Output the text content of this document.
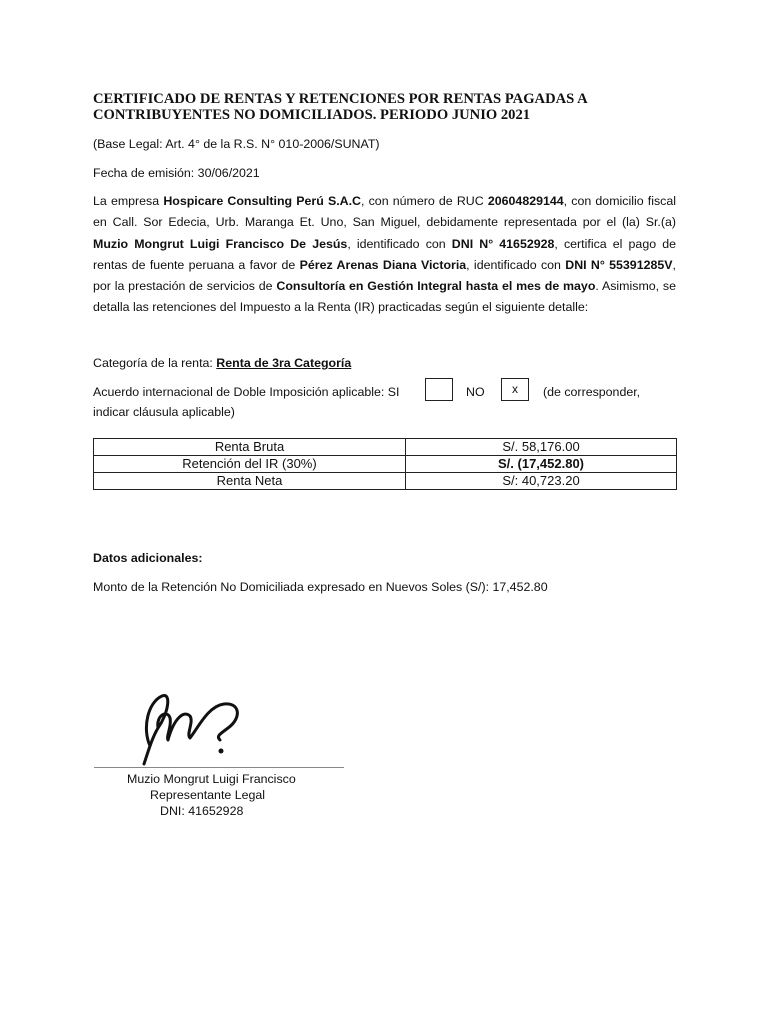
CERTIFICADO DE RENTAS Y RETENCIONES POR RENTAS PAGADAS A CONTRIBUYENTES NO DOMICILIADOS. PERIODO JUNIO 2021
(Base Legal: Art. 4° de la R.S. N° 010-2006/SUNAT)
Fecha de emisión: 30/06/2021

La empresa Hospicare Consulting Perú S.A.C, con número de RUC 20604829144, con domicilio fiscal en Call. Sor Edecia, Urb. Maranga Et. Uno, San Miguel, debidamente representada por el (la) Sr.(a) Muzio Mongrut Luigi Francisco De Jesús, identificado con DNI N° 41652928, certifica el pago de rentas de fuente peruana a favor de Pérez Arenas Diana Victoria, identificado con DNI N° 55391285V, por la prestación de servicios de Consultoría en Gestión Integral hasta el mes de mayo. Asimismo, se detalla las retenciones del Impuesto a la Renta (IR) practicadas según el siguiente detalle:

Categoría de la renta: Renta de 3ra Categoría
Acuerdo internacional de Doble Imposición aplicable: SI	NO	x	(de corresponder,
indicar cláusula aplicable)
Renta Bruta	S/. 58,176.00
Retención del IR (30%)	S/. (17,452.80)
Renta Neta	S/: 40,723.20
Datos adicionales:
Monto de la Retención No Domiciliada expresado en Nuevos Soles (S/): 17,452.80
Muzio Mongrut Luigi Francisco
Representante Legal
DNI: 41652928
